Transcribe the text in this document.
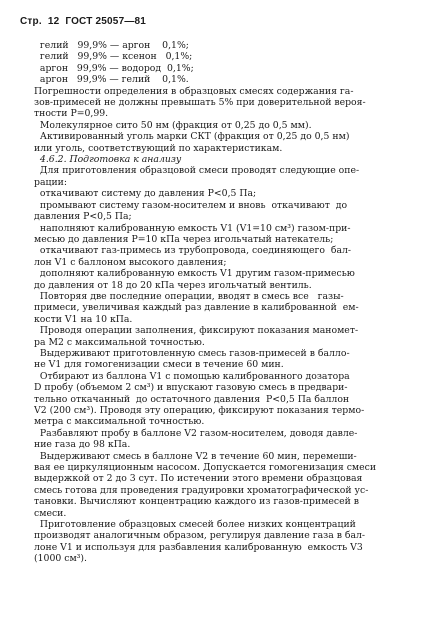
Стр. 12 ГОСТ 25057—81
гелий   99,9% — аргон    0,1%;
гелий   99,9% — ксенон   0,1%;
аргон   99,9% — водород  0,1%;
аргон   99,9% — гелий    0,1%.
Погрешности определения в образцовых смесях содержания га-
зов-примесей не должны превышать 5% при доверительной вероя-
тности P=0,99.
Молекулярное сито 50 нм (фракция от 0,25 до 0,5 мм).
Активированный уголь марки СКТ (фракция от 0,25 до 0,5 нм)
или уголь, соответствующий по характеристикам.
4.6.2. Подготовка к анализу
Для приготовления образцовой смеси проводят следующие опе-
рации:
откачивают систему до давления P<0,5 Па;
промывают систему газом-носителем и вновь  откачивают  до
давления P<0,5 Па;
наполняют калиброванную емкость V1 (V1=10 см³) газом-при-
месью до давления P=10 кПа через игольчатый натекатель;
откачивают газ-примесь из трубопровода, соединяющего  бал-
лон V1 с баллоном высокого давления;
дополняют калиброванную емкость V1 другим газом-примесью
до давления от 18 до 20 кПа через игольчатый вентиль.
Повторяя две последние операции, вводят в смесь все   газы-
примеси, увеличивая каждый раз давление в калиброванной  ем-
кости V1 на 10 кПа.
Проводя операции заполнения, фиксируют показания маномет-
ра M2 с максимальной точностью.
Выдерживают приготовленную смесь газов-примесей в балло-
не V1 для гомогенизации смеси в течение 60 мин.
Отбирают из баллона V1 с помощью калиброванного дозатора
D пробу (объемом 2 см³) и впускают газовую смесь в предвари-
тельно откачанный  до остаточного давления  P<0,5 Па баллон
V2 (200 см³). Проводя эту операцию, фиксируют показания термо-
метра с максимальной точностью.
Разбавляют пробу в баллоне V2 газом-носителем, доводя давле-
ние газа до 98 кПа.
Выдерживают смесь в баллоне V2 в течение 60 мин, перемеши-
вая ее циркуляционным насосом. Допускается гомогенизация смеси
выдержкой от 2 до 3 сут. По истечении этого времени образцовая
смесь готова для проведения градуировки хроматографической ус-
тановки. Вычисляют концентрацию каждого из газов-примесей в
смеси.
Приготовление образцовых смесей более низких концентраций
производят аналогичным образом, регулируя давление газа в бал-
лоне V1 и используя для разбавления калиброванную  емкость V3
(1000 см³).
